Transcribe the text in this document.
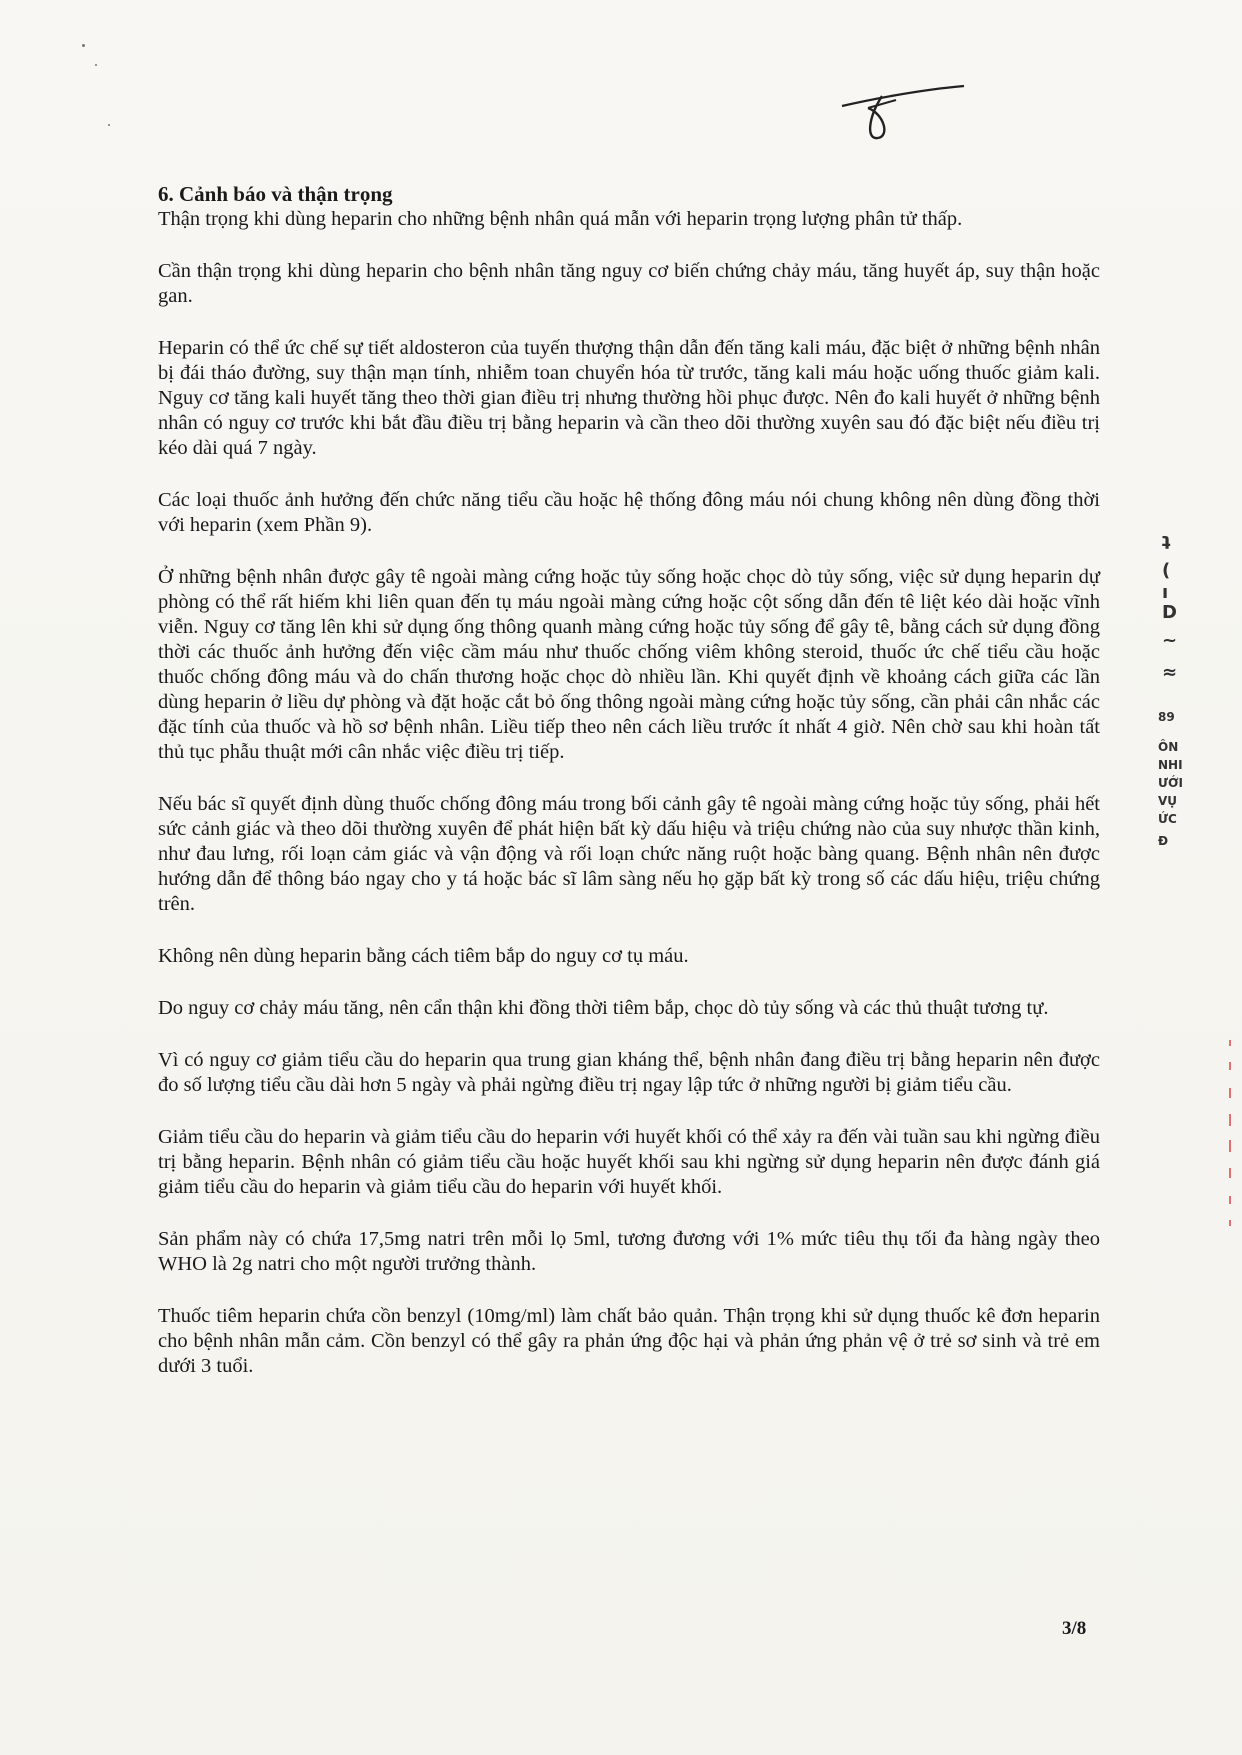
6. Cảnh báo và thận trọng

Thận trọng khi dùng heparin cho những bệnh nhân quá mẫn với heparin trọng lượng phân tử thấp.

Cần thận trọng khi dùng heparin cho bệnh nhân tăng nguy cơ biến chứng chảy máu, tăng huyết áp, suy thận hoặc gan.

Heparin có thể ức chế sự tiết aldosteron của tuyến thượng thận dẫn đến tăng kali máu, đặc biệt ở những bệnh nhân bị đái tháo đường, suy thận mạn tính, nhiễm toan chuyển hóa từ trước, tăng kali máu hoặc uống thuốc giảm kali. Nguy cơ tăng kali huyết tăng theo thời gian điều trị nhưng thường hồi phục được. Nên đo kali huyết ở những bệnh nhân có nguy cơ trước khi bắt đầu điều trị bằng heparin và cần theo dõi thường xuyên sau đó đặc biệt nếu điều trị kéo dài quá 7 ngày.

Các loại thuốc ảnh hưởng đến chức năng tiểu cầu hoặc hệ thống đông máu nói chung không nên dùng đồng thời với heparin (xem Phần 9).

Ở những bệnh nhân được gây tê ngoài màng cứng hoặc tủy sống hoặc chọc dò tủy sống, việc sử dụng heparin dự phòng có thể rất hiếm khi liên quan đến tụ máu ngoài màng cứng hoặc cột sống dẫn đến tê liệt kéo dài hoặc vĩnh viễn. Nguy cơ tăng lên khi sử dụng ống thông quanh màng cứng hoặc tủy sống để gây tê, bằng cách sử dụng đồng thời các thuốc ảnh hưởng đến việc cầm máu như thuốc chống viêm không steroid, thuốc ức chế tiểu cầu hoặc thuốc chống đông máu và do chấn thương hoặc chọc dò nhiều lần. Khi quyết định về khoảng cách giữa các lần dùng heparin ở liều dự phòng và đặt hoặc cắt bỏ ống thông ngoài màng cứng hoặc tủy sống, cần phải cân nhắc các đặc tính của thuốc và hồ sơ bệnh nhân. Liều tiếp theo nên cách liều trước ít nhất 4 giờ. Nên chờ sau khi hoàn tất thủ tục phẫu thuật mới cân nhắc việc điều trị tiếp.

Nếu bác sĩ quyết định dùng thuốc chống đông máu trong bối cảnh gây tê ngoài màng cứng hoặc tủy sống, phải hết sức cảnh giác và theo dõi thường xuyên để phát hiện bất kỳ dấu hiệu và triệu chứng nào của suy nhược thần kinh, như đau lưng, rối loạn cảm giác và vận động và rối loạn chức năng ruột hoặc bàng quang. Bệnh nhân nên được hướng dẫn để thông báo ngay cho y tá hoặc bác sĩ lâm sàng nếu họ gặp bất kỳ trong số các dấu hiệu, triệu chứng trên.

Không nên dùng heparin bằng cách tiêm bắp do nguy cơ tụ máu.

Do nguy cơ chảy máu tăng, nên cẩn thận khi đồng thời tiêm bắp, chọc dò tủy sống và các thủ thuật tương tự.

Vì có nguy cơ giảm tiểu cầu do heparin qua trung gian kháng thể, bệnh nhân đang điều trị bằng heparin nên được đo số lượng tiểu cầu dài hơn 5 ngày và phải ngừng điều trị ngay lập tức ở những người bị giảm tiểu cầu.

Giảm tiểu cầu do heparin và giảm tiểu cầu do heparin với huyết khối có thể xảy ra đến vài tuần sau khi ngừng điều trị bằng heparin. Bệnh nhân có giảm tiểu cầu hoặc huyết khối sau khi ngừng sử dụng heparin nên được đánh giá giảm tiểu cầu do heparin và giảm tiểu cầu do heparin với huyết khối.

Sản phẩm này có chứa 17,5mg natri trên mỗi lọ 5ml, tương đương với 1% mức tiêu thụ tối đa hàng ngày theo WHO là 2g natri cho một người trưởng thành.

Thuốc tiêm heparin chứa cồn benzyl (10mg/ml) làm chất bảo quản. Thận trọng khi sử dụng thuốc kê đơn heparin cho bệnh nhân mẫn cảm. Cồn benzyl có thể gây ra phản ứng độc hại và phản ứng phản vệ ở trẻ sơ sinh và trẻ em dưới 3 tuổi.

ʇ
(
ı
D
~
≈
89
ÔN
NHI
ƯỚI
VỤ
ỨC
Đ
3/8
